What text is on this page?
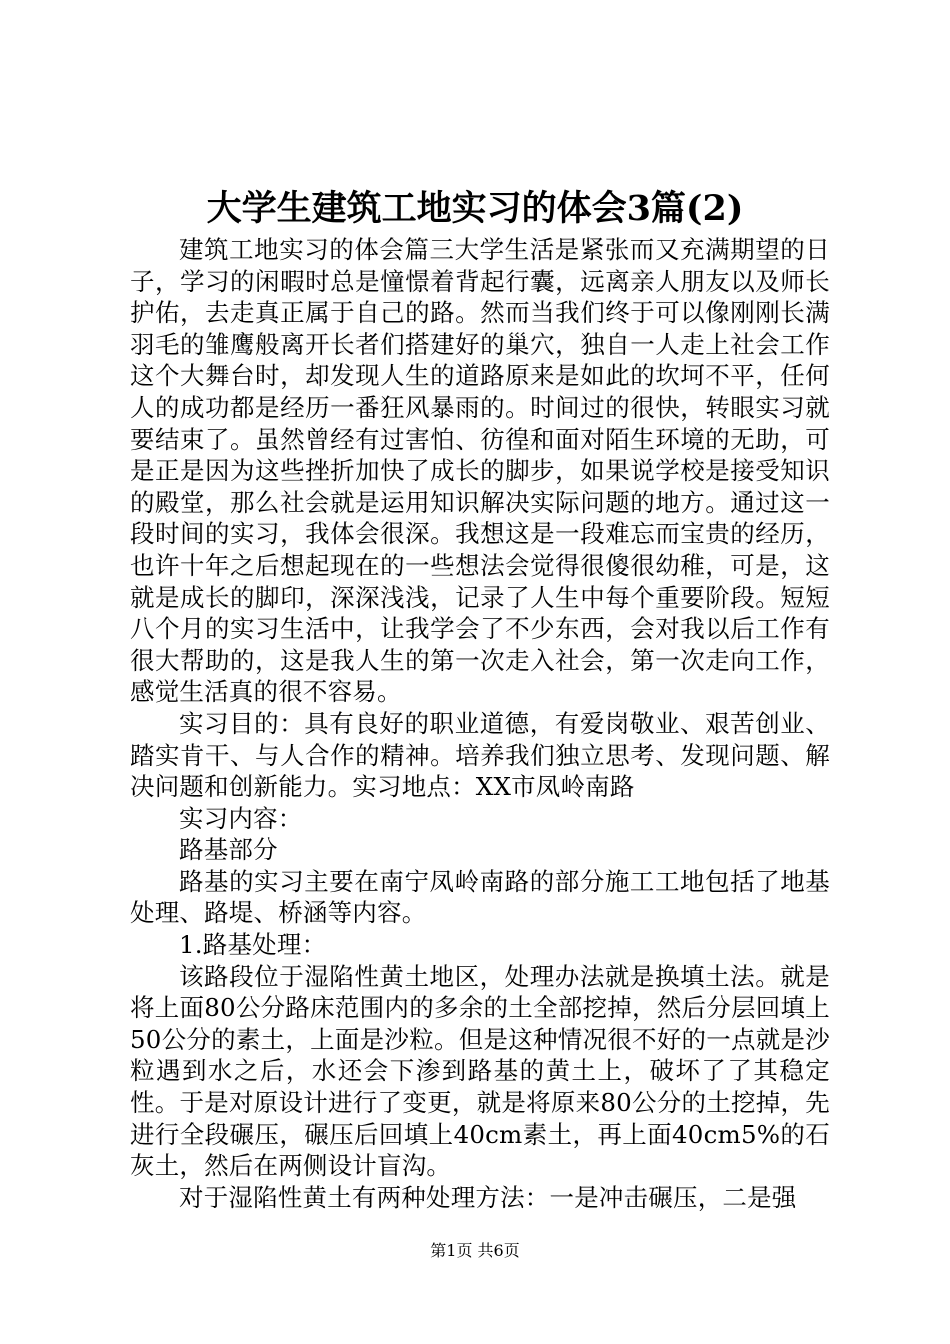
大学生建筑工地实习的体会3篇(2)

建筑工地实习的体会篇三大学生活是紧张而又充满期望的日子，学习的闲暇时总是憧憬着背起行囊，远离亲人朋友以及师长护佑，去走真正属于自己的路。然而当我们终于可以像刚刚长满羽毛的雏鹰般离开长者们搭建好的巢穴，独自一人走上社会工作这个大舞台时，却发现人生的道路原来是如此的坎坷不平，任何人的成功都是经历一番狂风暴雨的。时间过的很快，转眼实习就要结束了。虽然曾经有过害怕、彷徨和面对陌生环境的无助，可是正是因为这些挫折加快了成长的脚步，如果说学校是接受知识的殿堂，那么社会就是运用知识解决实际问题的地方。通过这一段时间的实习，我体会很深。我想这是一段难忘而宝贵的经历，也许十年之后想起现在的一些想法会觉得很傻很幼稚，可是，这就是成长的脚印，深深浅浅，记录了人生中每个重要阶段。短短八个月的实习生活中，让我学会了不少东西，会对我以后工作有很大帮助的，这是我人生的第一次走入社会，第一次走向工作，感觉生活真的很不容易。

实习目的：具有良好的职业道德，有爱岗敬业、艰苦创业、踏实肯干、与人合作的精神。培养我们独立思考、发现问题、解决问题和创新能力。实习地点：XX市凤岭南路

实习内容：

路基部分

路基的实习主要在南宁凤岭南路的部分施工工地包括了地基处理、路堤、桥涵等内容。

1.路基处理：

该路段位于湿陷性黄土地区，处理办法就是换填土法。就是将上面80公分路床范围内的多余的土全部挖掉，然后分层回填上50公分的素土，上面是沙粒。但是这种情况很不好的一点就是沙粒遇到水之后，水还会下渗到路基的黄土上，破坏了了其稳定性。于是对原设计进行了变更，就是将原来80公分的土挖掉，先进行全段碾压，碾压后回填上40cm素土，再上面40cm5%的石灰土，然后在两侧设计盲沟。

对于湿陷性黄土有两种处理方法：一是冲击碾压，二是强

第1页 共6页
